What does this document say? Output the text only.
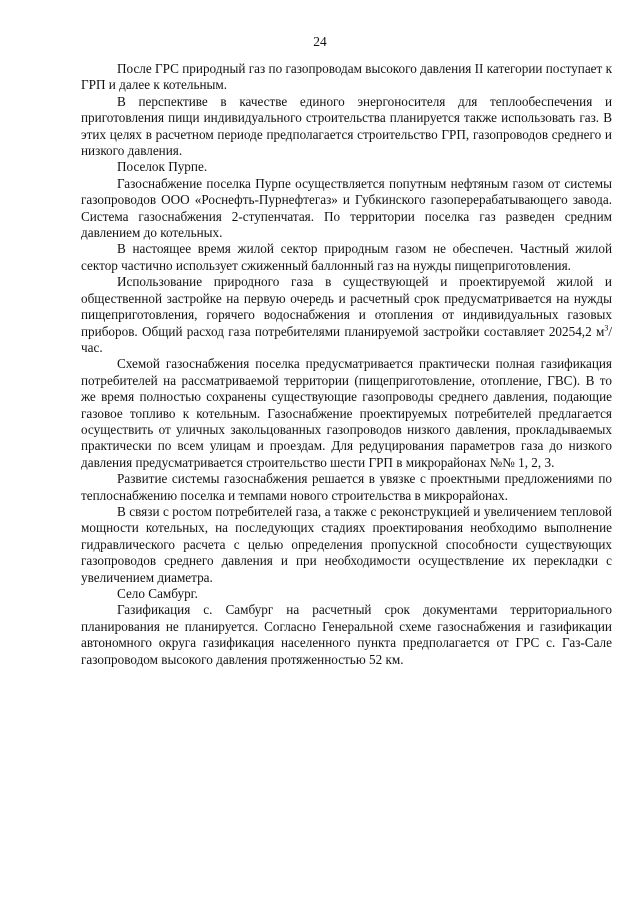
24

После ГРС природный газ по газопроводам высокого давления II категории поступает к ГРП и далее к котельным.

В перспективе в качестве единого энергоносителя для теплообеспечения и приготовления пищи индивидуального строительства планируется также использовать газ. В этих целях в расчетном периоде предполагается строительство ГРП, газопроводов среднего и низкого давления.

Поселок Пурпе.

Газоснабжение поселка Пурпе осуществляется попутным нефтяным газом от системы газопроводов ООО «Роснефть-Пурнефтегаз» и Губкинского газоперерабатывающего завода. Система газоснабжения 2-ступенчатая. По территории поселка газ разведен средним давлением до котельных.

В настоящее время жилой сектор природным газом не обеспечен. Частный жилой сектор частично использует сжиженный баллонный газ на нужды пищеприготовления.

Использование природного газа в существующей и проектируемой жилой и общественной застройке на первую очередь и расчетный срок предусматривается на нужды пищеприготовления, горячего водоснабжения и отопления от индивидуальных газовых приборов. Общий расход газа потребителями планируемой застройки составляет 20254,2 $м^3$/час.

Схемой газоснабжения поселка предусматривается практически полная газификация потребителей на рассматриваемой территории (пищеприготовление, отопление, ГВС). В то же время полностью сохранены существующие газопроводы среднего давления, подающие газовое топливо к котельным. Газоснабжение проектируемых потребителей предлагается осуществить от уличных закольцованных газопроводов низкого давления, прокладываемых практически по всем улицам и проездам. Для редуцирования параметров газа до низкого давления предусматривается строительство шести ГРП в микрорайонах №№ 1, 2, 3.

Развитие системы газоснабжения решается в увязке с проектными предложениями по теплоснабжению поселка и темпами нового строительства в микрорайонах.

В связи с ростом потребителей газа, а также с реконструкцией и увеличением тепловой мощности котельных, на последующих стадиях проектирования необходимо выполнение гидравлического расчета с целью определения пропускной способности существующих газопроводов среднего давления и при необходимости осуществление их перекладки с увеличением диаметра.

Село Самбург.

Газификация с. Самбург на расчетный срок документами территориального планирования не планируется. Согласно Генеральной схеме газоснабжения и газификации автономного округа газификация населенного пункта предполагается от ГРС с. Газ-Сале газопроводом высокого давления протяженностью 52 км.
